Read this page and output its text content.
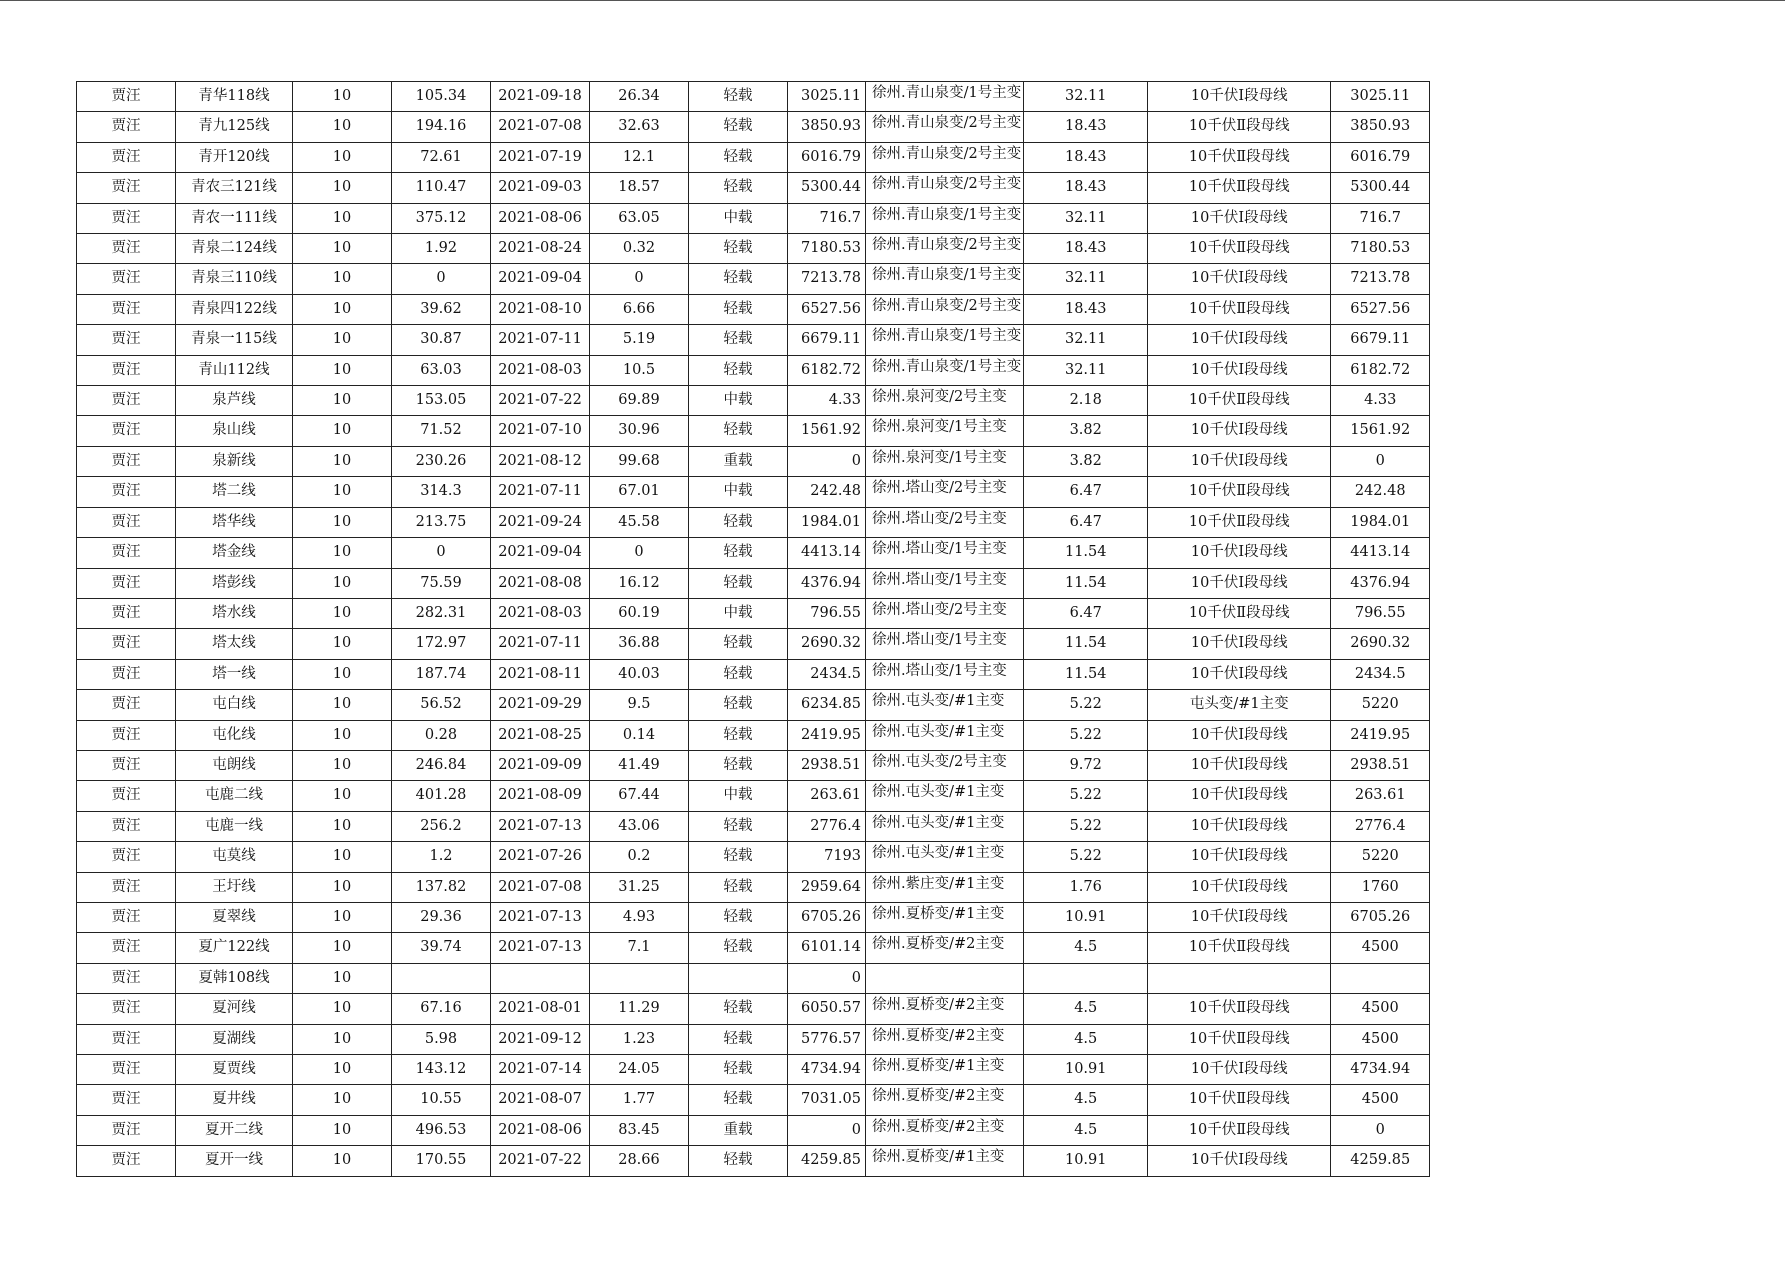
贾汪	青华118线	10	105.34	2021-09-18	26.34	轻载	3025.11	徐州.青山泉变/1号主变	32.11	10千伏Ⅰ段母线	3025.11
贾汪	青九125线	10	194.16	2021-07-08	32.63	轻载	3850.93	徐州.青山泉变/2号主变	18.43	10千伏Ⅱ段母线	3850.93
贾汪	青开120线	10	72.61	2021-07-19	12.1	轻载	6016.79	徐州.青山泉变/2号主变	18.43	10千伏Ⅱ段母线	6016.79
贾汪	青农三121线	10	110.47	2021-09-03	18.57	轻载	5300.44	徐州.青山泉变/2号主变	18.43	10千伏Ⅱ段母线	5300.44
贾汪	青农一111线	10	375.12	2021-08-06	63.05	中载	716.7	徐州.青山泉变/1号主变	32.11	10千伏Ⅰ段母线	716.7
贾汪	青泉二124线	10	1.92	2021-08-24	0.32	轻载	7180.53	徐州.青山泉变/2号主变	18.43	10千伏Ⅱ段母线	7180.53
贾汪	青泉三110线	10	0	2021-09-04	0	轻载	7213.78	徐州.青山泉变/1号主变	32.11	10千伏Ⅰ段母线	7213.78
贾汪	青泉四122线	10	39.62	2021-08-10	6.66	轻载	6527.56	徐州.青山泉变/2号主变	18.43	10千伏Ⅱ段母线	6527.56
贾汪	青泉一115线	10	30.87	2021-07-11	5.19	轻载	6679.11	徐州.青山泉变/1号主变	32.11	10千伏Ⅰ段母线	6679.11
贾汪	青山112线	10	63.03	2021-08-03	10.5	轻载	6182.72	徐州.青山泉变/1号主变	32.11	10千伏Ⅰ段母线	6182.72
贾汪	泉芦线	10	153.05	2021-07-22	69.89	中载	4.33	徐州.泉河变/2号主变	2.18	10千伏Ⅱ段母线	4.33
贾汪	泉山线	10	71.52	2021-07-10	30.96	轻载	1561.92	徐州.泉河变/1号主变	3.82	10千伏Ⅰ段母线	1561.92
贾汪	泉新线	10	230.26	2021-08-12	99.68	重载	0	徐州.泉河变/1号主变	3.82	10千伏Ⅰ段母线	0
贾汪	塔二线	10	314.3	2021-07-11	67.01	中载	242.48	徐州.塔山变/2号主变	6.47	10千伏Ⅱ段母线	242.48
贾汪	塔华线	10	213.75	2021-09-24	45.58	轻载	1984.01	徐州.塔山变/2号主变	6.47	10千伏Ⅱ段母线	1984.01
贾汪	塔金线	10	0	2021-09-04	0	轻载	4413.14	徐州.塔山变/1号主变	11.54	10千伏Ⅰ段母线	4413.14
贾汪	塔彭线	10	75.59	2021-08-08	16.12	轻载	4376.94	徐州.塔山变/1号主变	11.54	10千伏Ⅰ段母线	4376.94
贾汪	塔水线	10	282.31	2021-08-03	60.19	中载	796.55	徐州.塔山变/2号主变	6.47	10千伏Ⅱ段母线	796.55
贾汪	塔太线	10	172.97	2021-07-11	36.88	轻载	2690.32	徐州.塔山变/1号主变	11.54	10千伏Ⅰ段母线	2690.32
贾汪	塔一线	10	187.74	2021-08-11	40.03	轻载	2434.5	徐州.塔山变/1号主变	11.54	10千伏Ⅰ段母线	2434.5
贾汪	屯白线	10	56.52	2021-09-29	9.5	轻载	6234.85	徐州.屯头变/#1主变	5.22	屯头变/#1主变	5220
贾汪	屯化线	10	0.28	2021-08-25	0.14	轻载	2419.95	徐州.屯头变/#1主变	5.22	10千伏Ⅰ段母线	2419.95
贾汪	屯朗线	10	246.84	2021-09-09	41.49	轻载	2938.51	徐州.屯头变/2号主变	9.72	10千伏Ⅰ段母线	2938.51
贾汪	屯鹿二线	10	401.28	2021-08-09	67.44	中载	263.61	徐州.屯头变/#1主变	5.22	10千伏Ⅰ段母线	263.61
贾汪	屯鹿一线	10	256.2	2021-07-13	43.06	轻载	2776.4	徐州.屯头变/#1主变	5.22	10千伏Ⅰ段母线	2776.4
贾汪	屯莫线	10	1.2	2021-07-26	0.2	轻载	7193	徐州.屯头变/#1主变	5.22	10千伏Ⅰ段母线	5220
贾汪	王圩线	10	137.82	2021-07-08	31.25	轻载	2959.64	徐州.紫庄变/#1主变	1.76	10千伏Ⅰ段母线	1760
贾汪	夏翠线	10	29.36	2021-07-13	4.93	轻载	6705.26	徐州.夏桥变/#1主变	10.91	10千伏Ⅰ段母线	6705.26
贾汪	夏广122线	10	39.74	2021-07-13	7.1	轻载	6101.14	徐州.夏桥变/#2主变	4.5	10千伏Ⅱ段母线	4500
贾汪	夏韩108线	10					0	

贾汪	夏河线	10	67.16	2021-08-01	11.29	轻载	6050.57	徐州.夏桥变/#2主变	4.5	10千伏Ⅱ段母线	4500
贾汪	夏湖线	10	5.98	2021-09-12	1.23	轻载	5776.57	徐州.夏桥变/#2主变	4.5	10千伏Ⅱ段母线	4500
贾汪	夏贾线	10	143.12	2021-07-14	24.05	轻载	4734.94	徐州.夏桥变/#1主变	10.91	10千伏Ⅰ段母线	4734.94
贾汪	夏井线	10	10.55	2021-08-07	1.77	轻载	7031.05	徐州.夏桥变/#2主变	4.5	10千伏Ⅱ段母线	4500
贾汪	夏开二线	10	496.53	2021-08-06	83.45	重载	0	徐州.夏桥变/#2主变	4.5	10千伏Ⅱ段母线	0
贾汪	夏开一线	10	170.55	2021-07-22	28.66	轻载	4259.85	徐州.夏桥变/#1主变	10.91	10千伏Ⅰ段母线	4259.85
